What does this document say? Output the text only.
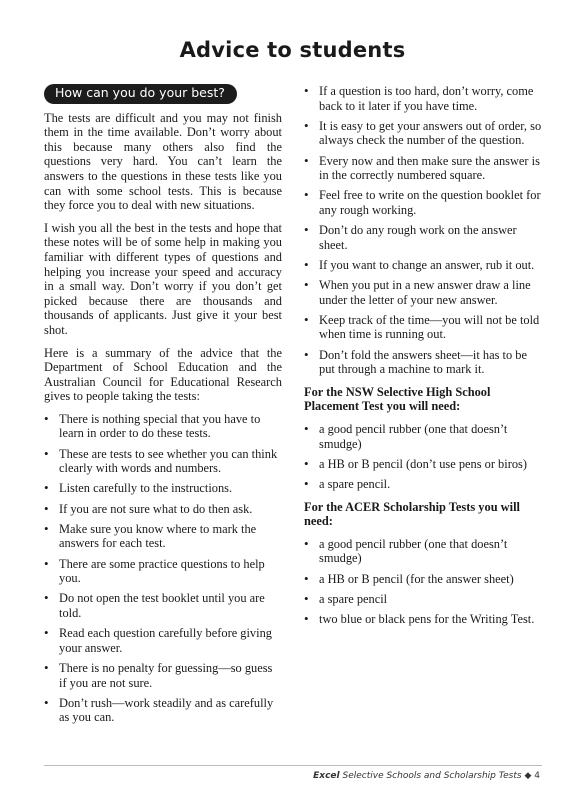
Advice to students
How can you do your best?

The tests are difficult and you may not finish them in the time available. Don’t worry about this because many others also find the questions very hard. You can’t learn the answers to the questions in these tests like you can with some school tests. This is because they force you to deal with new situations.

I wish you all the best in the tests and hope that these notes will be of some help in making you familiar with different types of questions and helping you increase your speed and accuracy in a small way. Don’t worry if you don’t get picked because there are thousands and thousands of applicants. Just give it your best shot.

Here is a summary of the advice that the Department of School Education and the Australian Council for Educational Research gives to people taking the tests:

• There is nothing special that you have to learn in order to do these tests.
• These are tests to see whether you can think clearly with words and numbers.
• Listen carefully to the instructions.
• If you are not sure what to do then ask.
• Make sure you know where to mark the answers for each test.
• There are some practice questions to help you.
• Do not open the test booklet until you are told.
• Read each question carefully before giving your answer.
• There is no penalty for guessing—so guess if you are not sure.
• Don’t rush—work steadily and as carefully as you can.
• If a question is too hard, don’t worry, come back to it later if you have time.
• It is easy to get your answers out of order, so always check the number of the question.
• Every now and then make sure the answer is in the correctly numbered square.
• Feel free to write on the question booklet for any rough working.
• Don’t do any rough work on the answer sheet.
• If you want to change an answer, rub it out.
• When you put in a new answer draw a line under the letter of your new answer.
• Keep track of the time—you will not be told when time is running out.
• Don’t fold the answers sheet—it has to be put through a machine to mark it.
For the NSW Selective High School Placement Test you will need:
• a good pencil rubber (one that doesn’t smudge)
• a HB or B pencil (don’t use pens or biros)
• a spare pencil.
For the ACER Scholarship Tests you will need:
• a good pencil rubber (one that doesn’t smudge)
• a HB or B pencil (for the answer sheet)
• a spare pencil
• two blue or black pens for the Writing Test.
Excel Selective Schools and Scholarship Tests ◆ 4
